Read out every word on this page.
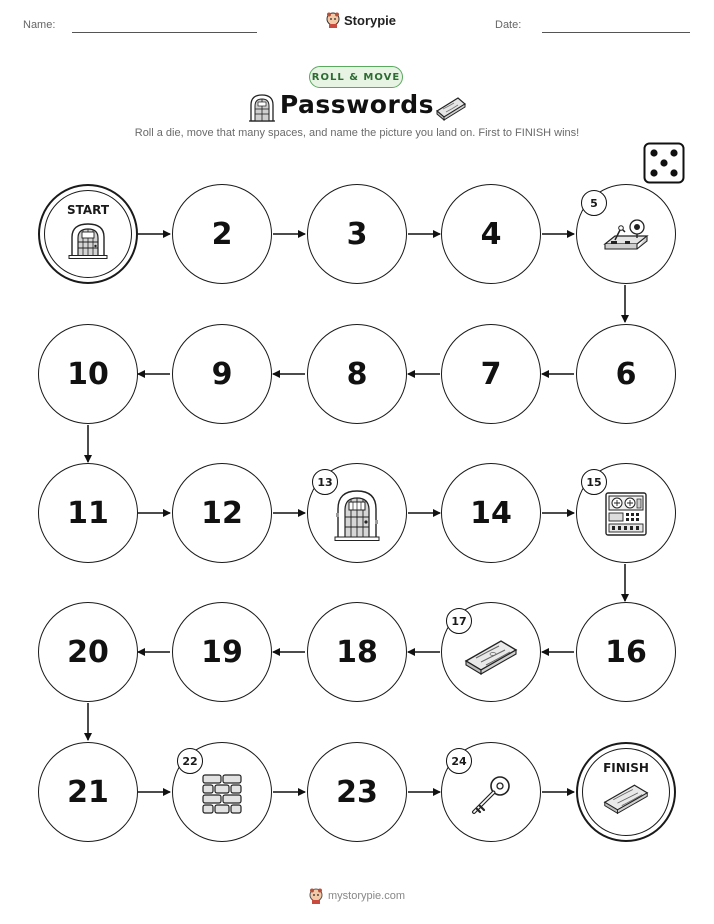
Name:	Storypie	Date:
ROLL & MOVE
Passwords
Roll a die, move that many spaces, and name the picture you land on. First to FINISH wins!
START
2	3	4
5
10	9	8	7	6
11	12
13
14
15
20	19	18
17
16
21
22
23
24	FINISH
mystorypie.com
